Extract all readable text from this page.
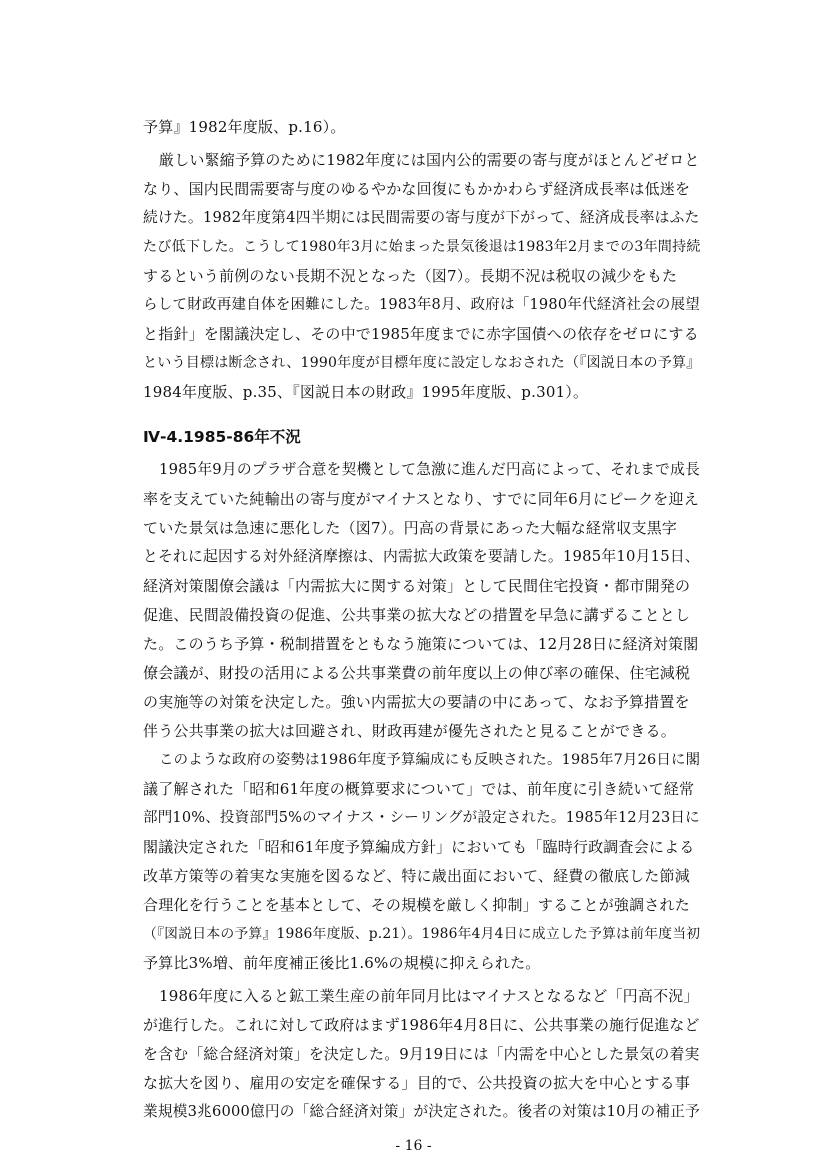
予算』1982年度版、p.16）。
厳しい緊縮予算のために1982年度には国内公的需要の寄与度がほとんどゼロと
なり、国内民間需要寄与度のゆるやかな回復にもかかわらず経済成長率は低迷を
続けた。1982年度第4四半期には民間需要の寄与度が下がって、経済成長率はふた
たび低下した。こうして1980年3月に始まった景気後退は1983年2月までの3年間持続
するという前例のない長期不況となった（図7）。長期不況は税収の減少をもた
らして財政再建自体を困難にした。1983年8月、政府は「1980年代経済社会の展望
と指針」を閣議決定し、その中で1985年度までに赤字国債への依存をゼロにする
という目標は断念され、1990年度が目標年度に設定しなおされた（『図説日本の予算』
1984年度版、p.35、『図説日本の財政』1995年度版、p.301）。
Ⅳ-4.1985-86年不況
1985年9月のプラザ合意を契機として急激に進んだ円高によって、それまで成長
率を支えていた純輸出の寄与度がマイナスとなり、すでに同年6月にピークを迎え
ていた景気は急速に悪化した（図7）。円高の背景にあった大幅な経常収支黒字
とそれに起因する対外経済摩擦は、内需拡大政策を要請した。1985年10月15日、
経済対策閣僚会議は「内需拡大に関する対策」として民間住宅投資・都市開発の
促進、民間設備投資の促進、公共事業の拡大などの措置を早急に講ずることとし
た。このうち予算・税制措置をともなう施策については、12月28日に経済対策閣
僚会議が、財投の活用による公共事業費の前年度以上の伸び率の確保、住宅減税
の実施等の対策を決定した。強い内需拡大の要請の中にあって、なお予算措置を
伴う公共事業の拡大は回避され、財政再建が優先されたと見ることができる。
このような政府の姿勢は1986年度予算編成にも反映された。1985年7月26日に閣
議了解された「昭和61年度の概算要求について」では、前年度に引き続いて経常
部門10%、投資部門5%のマイナス・シーリングが設定された。1985年12月23日に
閣議決定された「昭和61年度予算編成方針」においても「臨時行政調査会による
改革方策等の着実な実施を図るなど、特に歳出面において、経費の徹底した節減
合理化を行うことを基本として、その規模を厳しく抑制」することが強調された
（『図説日本の予算』1986年度版、p.21）。1986年4月4日に成立した予算は前年度当初
予算比3%増、前年度補正後比1.6%の規模に抑えられた。
1986年度に入ると鉱工業生産の前年同月比はマイナスとなるなど「円高不況」
が進行した。これに対して政府はまず1986年4月8日に、公共事業の施行促進など
を含む「総合経済対策」を決定した。9月19日には「内需を中心とした景気の着実
な拡大を図り、雇用の安定を確保する」目的で、公共投資の拡大を中心とする事
業規模3兆6000億円の「総合経済対策」が決定された。後者の対策は10月の補正予
- 16 -
